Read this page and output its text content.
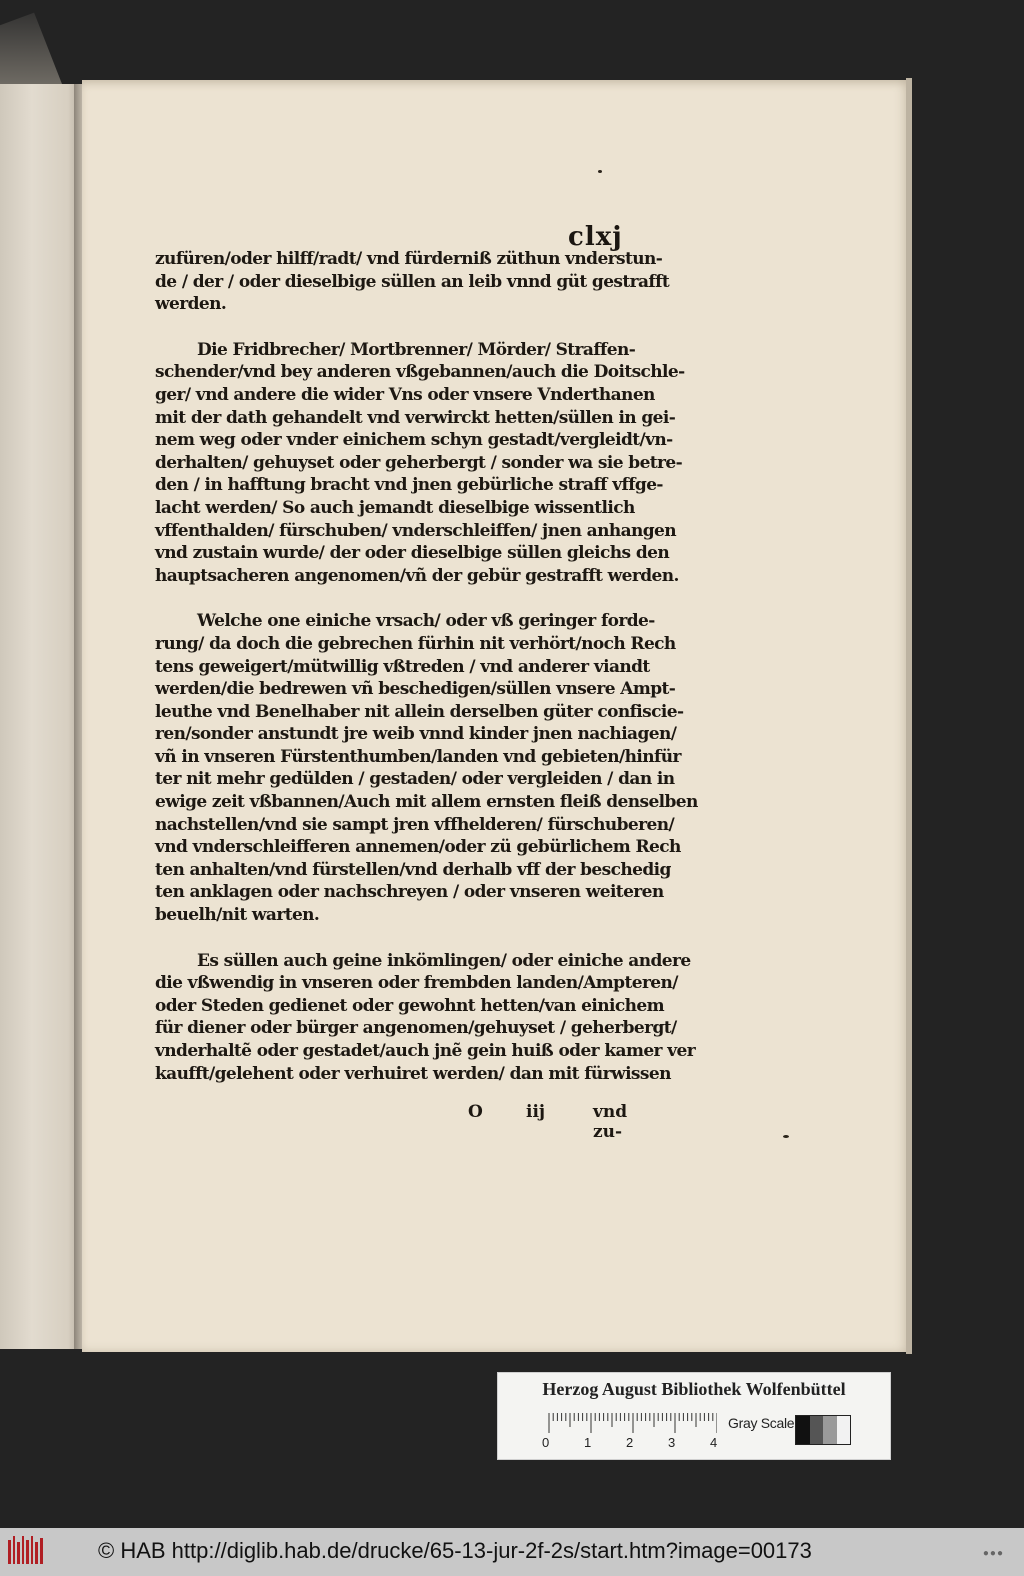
clxj
zufüren/oder hilff/radt/ vnd fürderniß züthun vnderstun-
de / der / oder dieselbige süllen an leib vnnd güt gestrafft
werden.
Die Fridbrecher/ Mortbrenner/ Mörder/ Straffen-
schender/vnd bey anderen vßgebannen/auch die Doitschle-
ger/ vnd andere die wider Vns oder vnsere Vnderthanen
mit der dath gehandelt vnd verwirckt hetten/süllen in gei-
nem weg oder vnder einichem schyn gestadt/vergleidt/vn-
derhalten/ gehuyset oder geherbergt / sonder wa sie betre-
den / in hafftung bracht vnd jnen gebürliche straff vffge-
lacht werden/ So auch jemandt dieselbige wissentlich
vffenthalden/ fürschuben/ vnderschleiffen/ jnen anhangen
vnd zustain wurde/ der oder dieselbige süllen gleichs den
hauptsacheren angenomen/vñ der gebür gestrafft werden.
Welche one einiche vrsach/ oder vß geringer forde-
rung/ da doch die gebrechen fürhin nit verhört/noch Rech
tens geweigert/mütwillig vßtreden / vnd anderer viandt
werden/die bedrewen vñ beschedigen/süllen vnsere Ampt-
leuthe vnd Benelhaber nit allein derselben güter confiscie-
ren/sonder anstundt jre weib vnnd kinder jnen nachiagen/
vñ in vnseren Fürstenthumben/landen vnd gebieten/hinfür
ter nit mehr gedülden / gestaden/ oder vergleiden / dan in
ewige zeit vßbannen/Auch mit allem ernsten fleiß denselben
nachstellen/vnd sie sampt jren vffhelderen/ fürschuberen/
vnd vnderschleifferen annemen/oder zü gebürlichem Rech
ten anhalten/vnd fürstellen/vnd derhalb vff der beschedig
ten anklagen oder nachschreyen / oder vnseren weiteren
beuelh/nit warten.
Es süllen auch geine inkömlingen/ oder einiche andere
die vßwendig in vnseren oder frembden landen/Ampteren/
oder Steden gedienet oder gewohnt hetten/van einichem
für diener oder bürger angenomen/gehuyset / geherbergt/
vnderhaltẽ oder gestadet/auch jnẽ gein huiß oder kamer ver
kaufft/gelehent oder verhuiret werden/ dan mit fürwissen
O	iij	vnd zu-
Herzog August Bibliothek Wolfenbüttel
0	1	2	3	4
Gray Scale
© HAB http://diglib.hab.de/drucke/65-13-jur-2f-2s/start.htm?image=00173	●●●
